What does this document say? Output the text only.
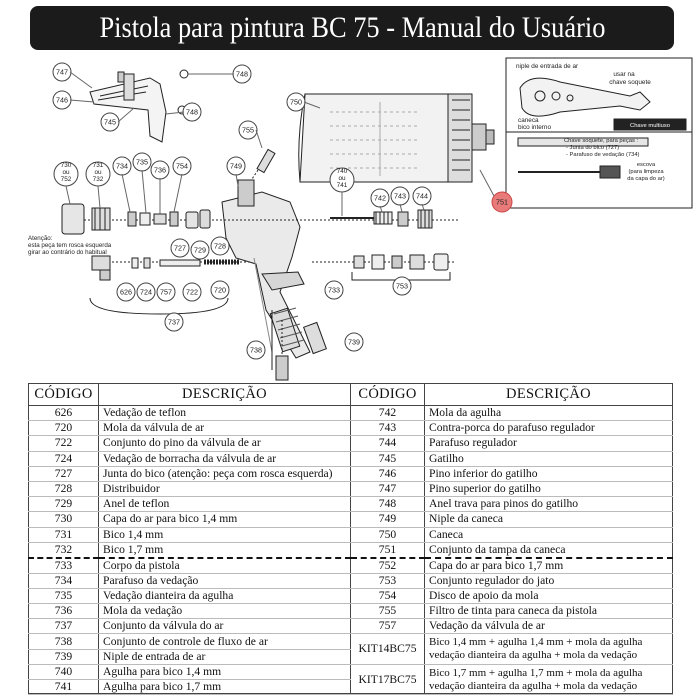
Pistola para pintura BC 75 - Manual do Usuário
747	748
746
745
748
750
755
749
730 ou 752
731 ou 732
734 735
736 754
740 ou 741
742 743 744
751
727 729 728
626 724 757 722 720
737
733	753
739
738
Atenção:
esta peça tem rosca esquerda
girar ao contrário do habitual
niple de entrada de ar
usar na
chave soquete
caneca
bico interno	Chave multiuso
Chave soquete, para peças :
- Junta do bico (727)
- Parafuso de vedação (734)
escova
(para limpeza
da capa do ar)
CÓDIGO	DESCRIÇÃO	CÓDIGO	DESCRIÇÃO
626	Vedação de teflon	742	Mola da agulha
720	Mola da válvula de ar	743	Contra-porca do parafuso regulador
722	Conjunto do pino da válvula de ar	744	Parafuso regulador
724	Vedação de borracha da válvula de ar	745	Gatilho
727	Junta do bico (atenção: peça com rosca esquerda)	746	Pino inferior do gatilho
728	Distribuidor	747	Pino superior do gatilho
729	Anel de teflon	748	Anel trava para pinos do gatilho
730	Capa do ar para bico 1,4 mm	749	Niple da caneca
731	Bico 1,4 mm	750	Caneca
732	Bico 1,7 mm	751	Conjunto da tampa da caneca
733	Corpo da pistola	752	Capa do ar para bico 1,7 mm
734	Parafuso da vedação	753	Conjunto regulador do jato
735	Vedação dianteira da agulha	754	Disco de apoio da mola
736	Mola da vedação	755	Filtro de tinta para caneca da pistola
737	Conjunto da válvula do ar	757	Vedação da válvula de ar
738	Conjunto de controle de fluxo de ar	KIT14BC75	Bico 1,4 mm + agulha 1,4 mm + mola da agulha vedação dianteira da agulha + mola da vedação
739	Niple de entrada de ar		
740	Agulha para bico 1,4 mm	KIT17BC75	Bico 1,7 mm + agulha 1,7 mm + mola da agulha vedação dianteira da agulha + mola da vedação
741	Agulha para bico 1,7 mm		
